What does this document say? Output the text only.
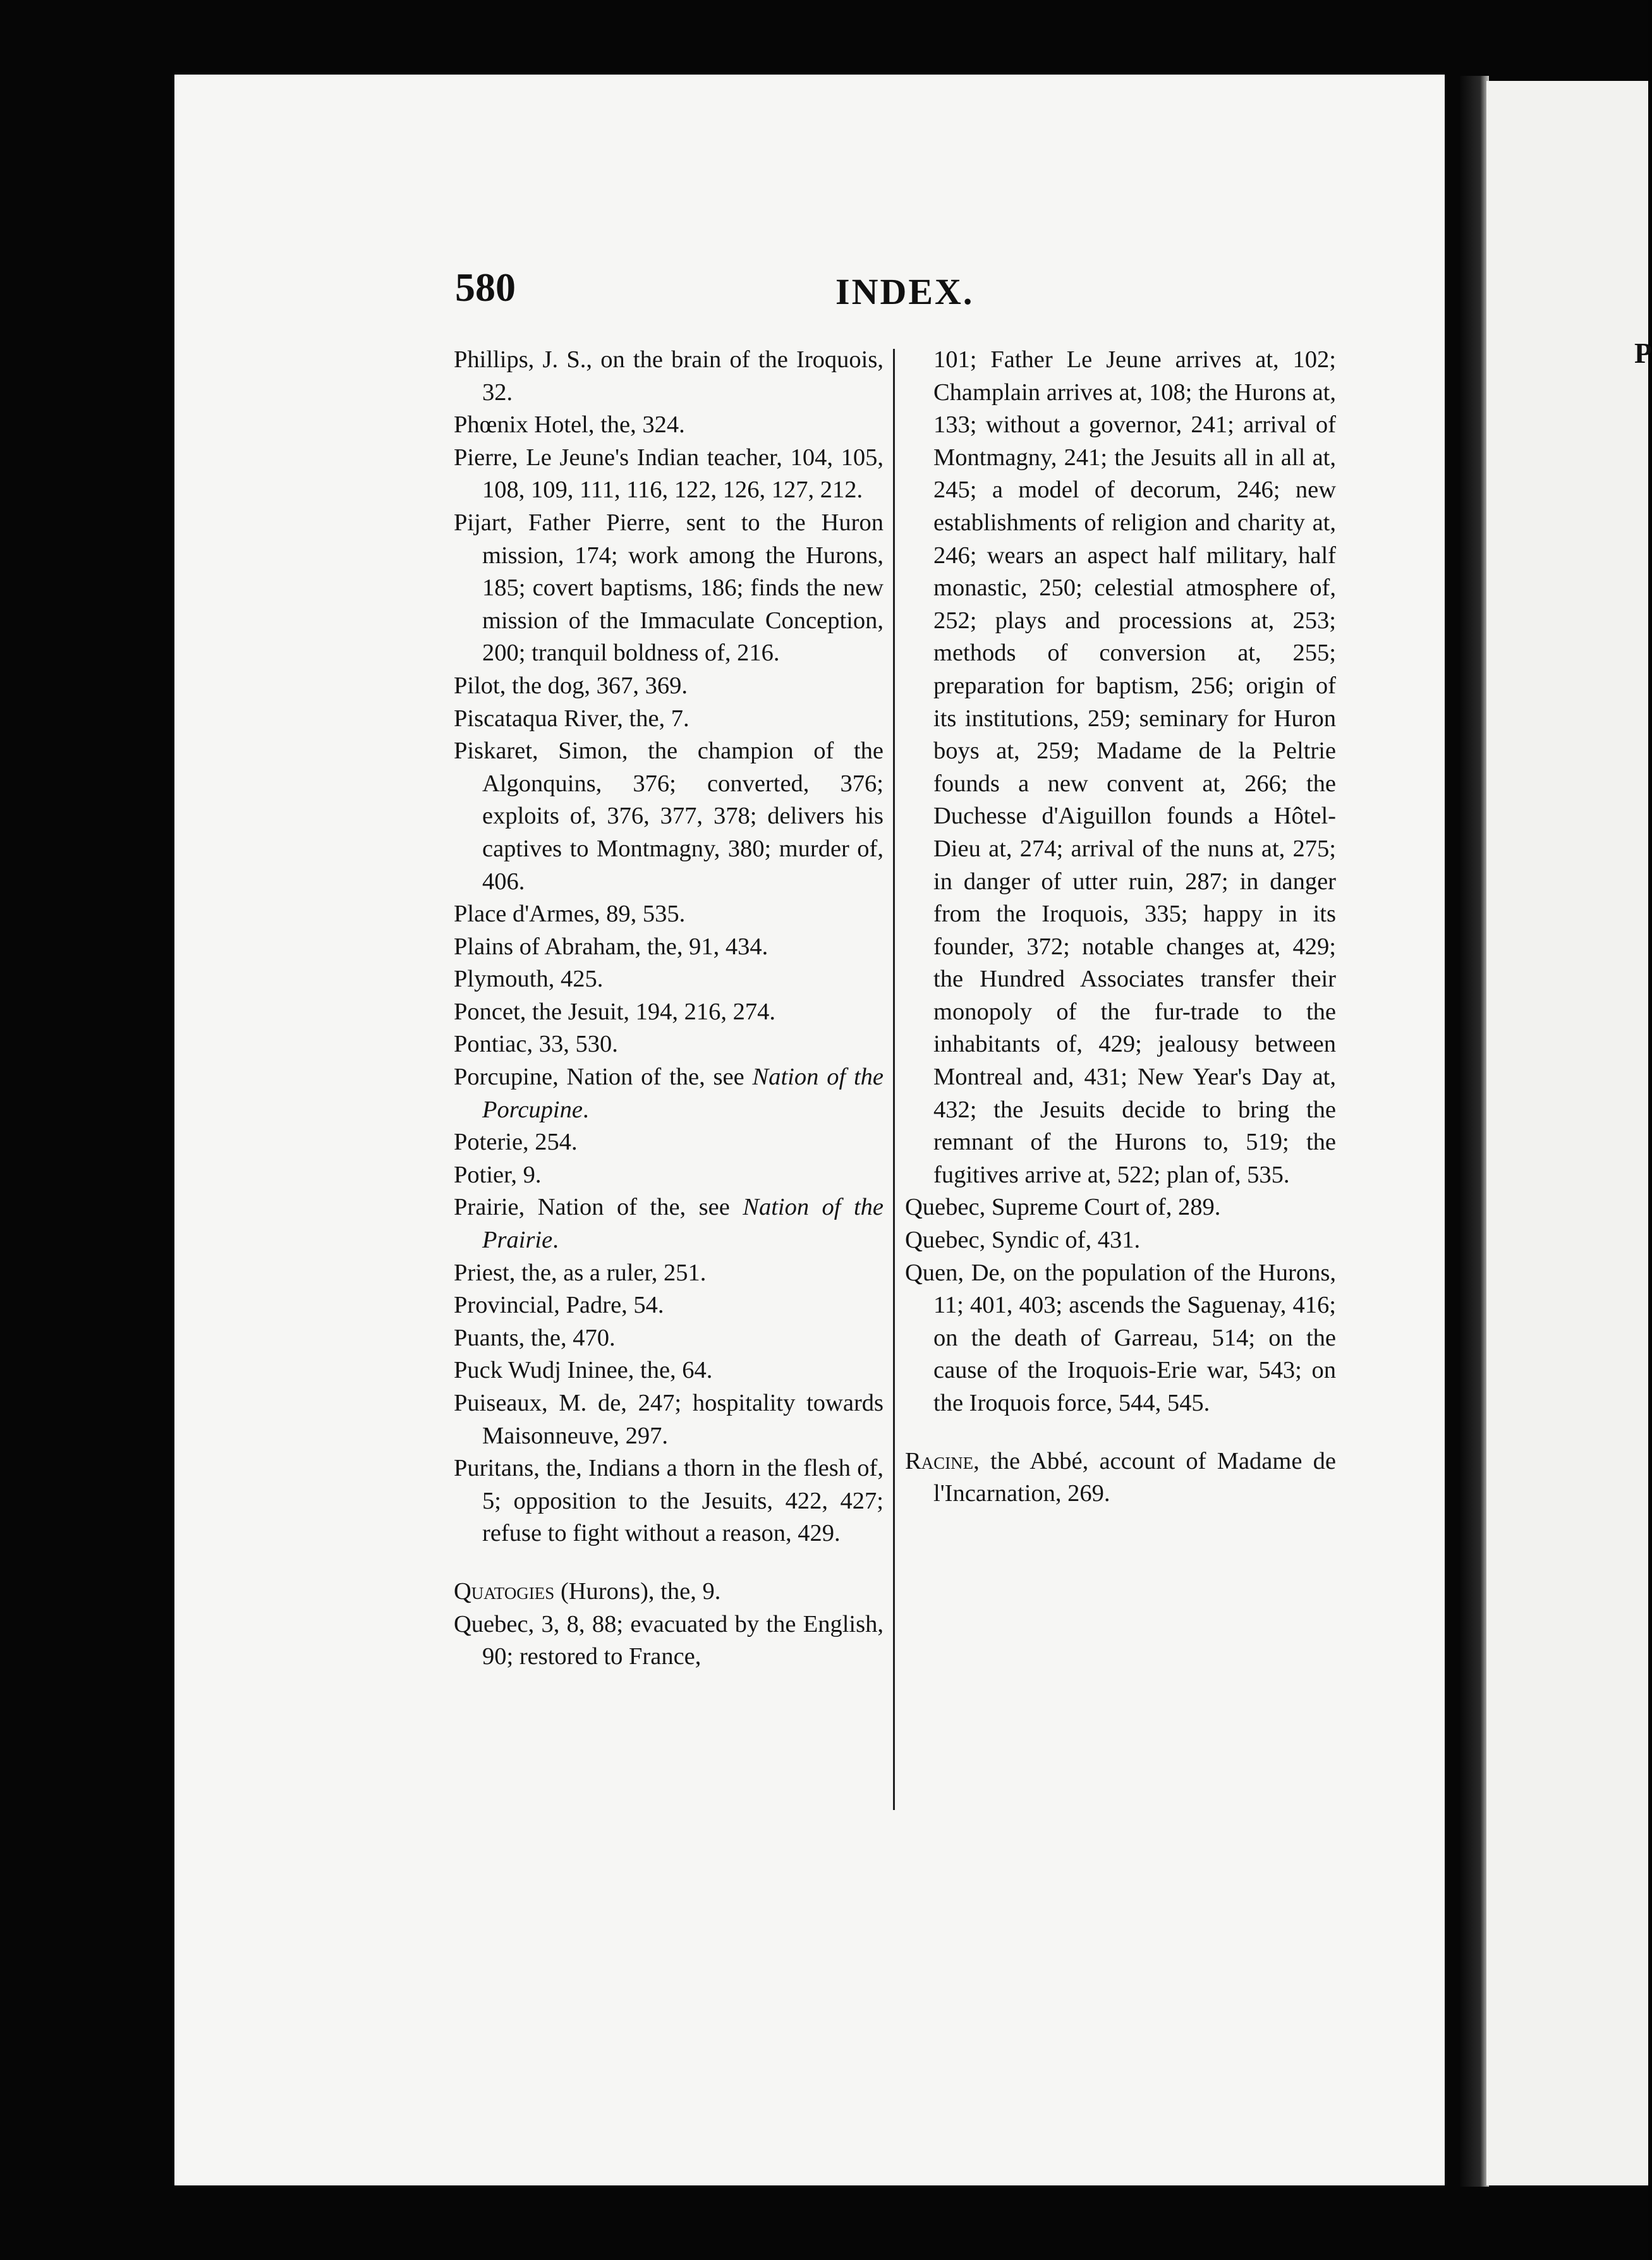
P
580	INDEX.

Phillips, J. S., on the brain of the Iroquois, 32.

Phœnix Hotel, the, 324.

Pierre, Le Jeune's Indian teacher, 104, 105, 108, 109, 111, 116, 122, 126, 127, 212.

Pijart, Father Pierre, sent to the Huron mission, 174; work among the Hurons, 185; covert baptisms, 186; finds the new mission of the Immaculate Conception, 200; tranquil boldness of, 216.

Pilot, the dog, 367, 369.

Piscataqua River, the, 7.

Piskaret, Simon, the champion of the Algonquins, 376; converted, 376; exploits of, 376, 377, 378; delivers his captives to Montmagny, 380; murder of, 406.

Place d'Armes, 89, 535.

Plains of Abraham, the, 91, 434.

Plymouth, 425.

Poncet, the Jesuit, 194, 216, 274.

Pontiac, 33, 530.

Porcupine, Nation of the, see Nation of the Porcupine.

Poterie, 254.

Potier, 9.

Prairie, Nation of the, see Nation of the Prairie.

Priest, the, as a ruler, 251.

Provincial, Padre, 54.

Puants, the, 470.

Puck Wudj Ininee, the, 64.

Puiseaux, M. de, 247; hospitality towards Maisonneuve, 297.

Puritans, the, Indians a thorn in the flesh of, 5; opposition to the Jesuits, 422, 427; refuse to fight without a reason, 429.

Quatogies (Hurons), the, 9.

Quebec, 3, 8, 88; evacuated by the English, 90; restored to France,

101; Father Le Jeune arrives at, 102; Champlain arrives at, 108; the Hurons at, 133; without a governor, 241; arrival of Montmagny, 241; the Jesuits all in all at, 245; a model of decorum, 246; new establishments of religion and charity at, 246; wears an aspect half military, half monastic, 250; celestial atmosphere of, 252; plays and processions at, 253; methods of conversion at, 255; preparation for baptism, 256; origin of its institutions, 259; seminary for Huron boys at, 259; Madame de la Peltrie founds a new convent at, 266; the Duchesse d'Aiguillon founds a Hôtel-Dieu at, 274; arrival of the nuns at, 275; in danger of utter ruin, 287; in danger from the Iroquois, 335; happy in its founder, 372; notable changes at, 429; the Hundred Associates transfer their monopoly of the fur-trade to the inhabitants of, 429; jealousy between Montreal and, 431; New Year's Day at, 432; the Jesuits decide to bring the remnant of the Hurons to, 519; the fugitives arrive at, 522; plan of, 535.

Quebec, Supreme Court of, 289.

Quebec, Syndic of, 431.

Quen, De, on the population of the Hurons, 11; 401, 403; ascends the Saguenay, 416; on the death of Garreau, 514; on the cause of the Iroquois-Erie war, 543; on the Iroquois force, 544, 545.

Racine, the Abbé, account of Madame de l'Incarnation, 269.
